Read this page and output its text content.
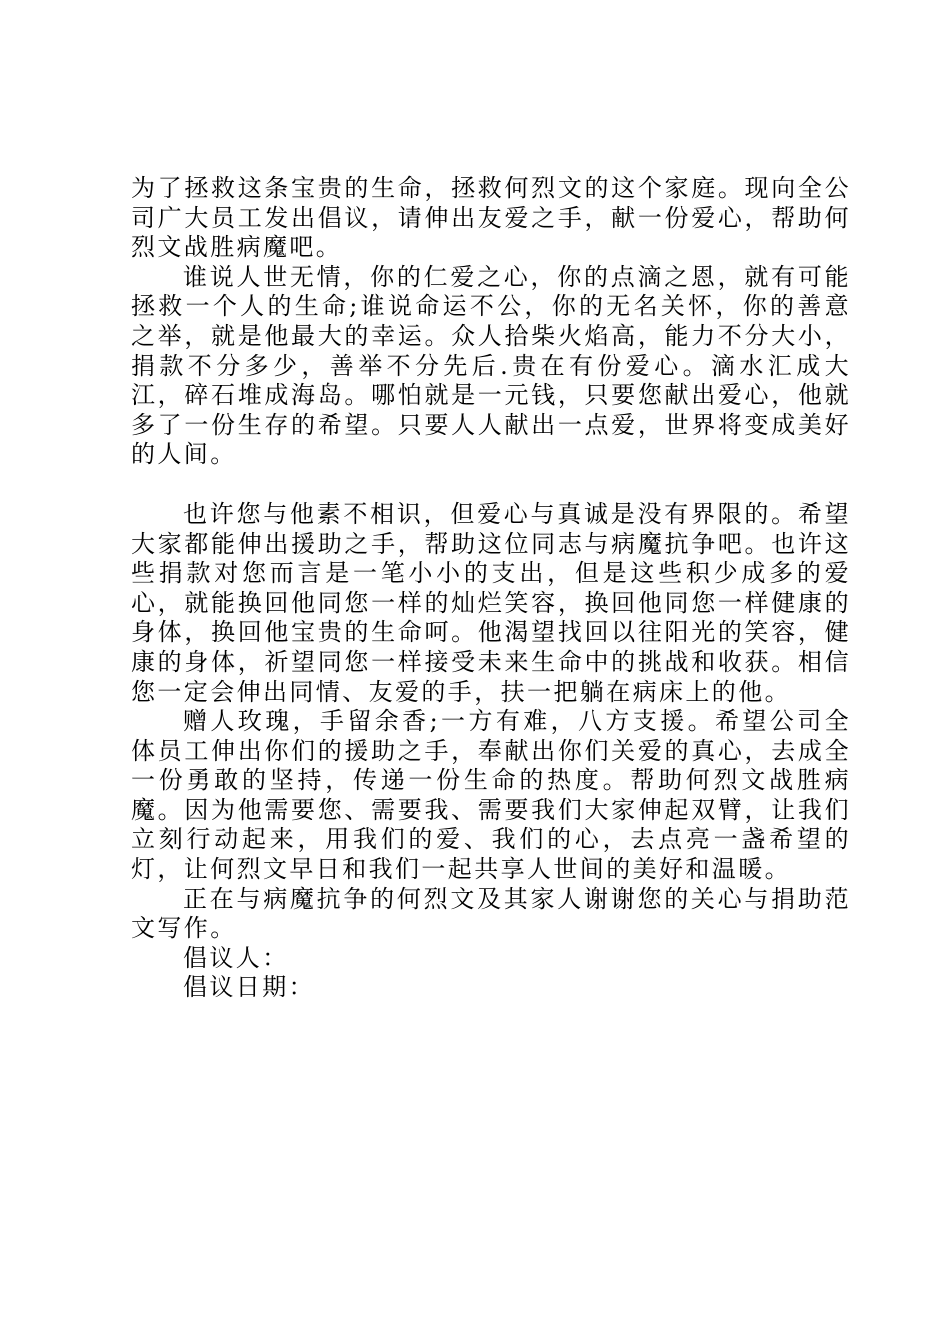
为了拯救这条宝贵的生命，拯救何烈文的这个家庭。现向全公司广大员工发出倡议，请伸出友爱之手，献一份爱心，帮助何烈文战胜病魔吧。

谁说人世无情，你的仁爱之心，你的点滴之恩，就有可能拯救一个人的生命;谁说命运不公，你的无名关怀，你的善意之举，就是他最大的幸运。众人拾柴火焰高，能力不分大小，捐款不分多少，善举不分先后.贵在有份爱心。滴水汇成大江，碎石堆成海岛。哪怕就是一元钱，只要您献出爱心，他就多了一份生存的希望。只要人人献出一点爱，世界将变成美好的人间。

也许您与他素不相识，但爱心与真诚是没有界限的。希望大家都能伸出援助之手，帮助这位同志与病魔抗争吧。也许这些捐款对您而言是一笔小小的支出，但是这些积少成多的爱心，就能换回他同您一样的灿烂笑容，换回他同您一样健康的身体，换回他宝贵的生命呵。他渴望找回以往阳光的笑容，健康的身体，祈望同您一样接受未来生命中的挑战和收获。相信您一定会伸出同情、友爱的手，扶一把躺在病床上的他。

赠人玫瑰，手留余香;一方有难，八方支援。希望公司全体员工伸出你们的援助之手，奉献出你们关爱的真心，去成全一份勇敢的坚持，传递一份生命的热度。帮助何烈文战胜病魔。因为他需要您、需要我、需要我们大家伸起双臂，让我们立刻行动起来，用我们的爱、我们的心，去点亮一盏希望的灯，让何烈文早日和我们一起共享人世间的美好和温暖。

正在与病魔抗争的何烈文及其家人谢谢您的关心与捐助范文写作。

倡议人：

倡议日期：
